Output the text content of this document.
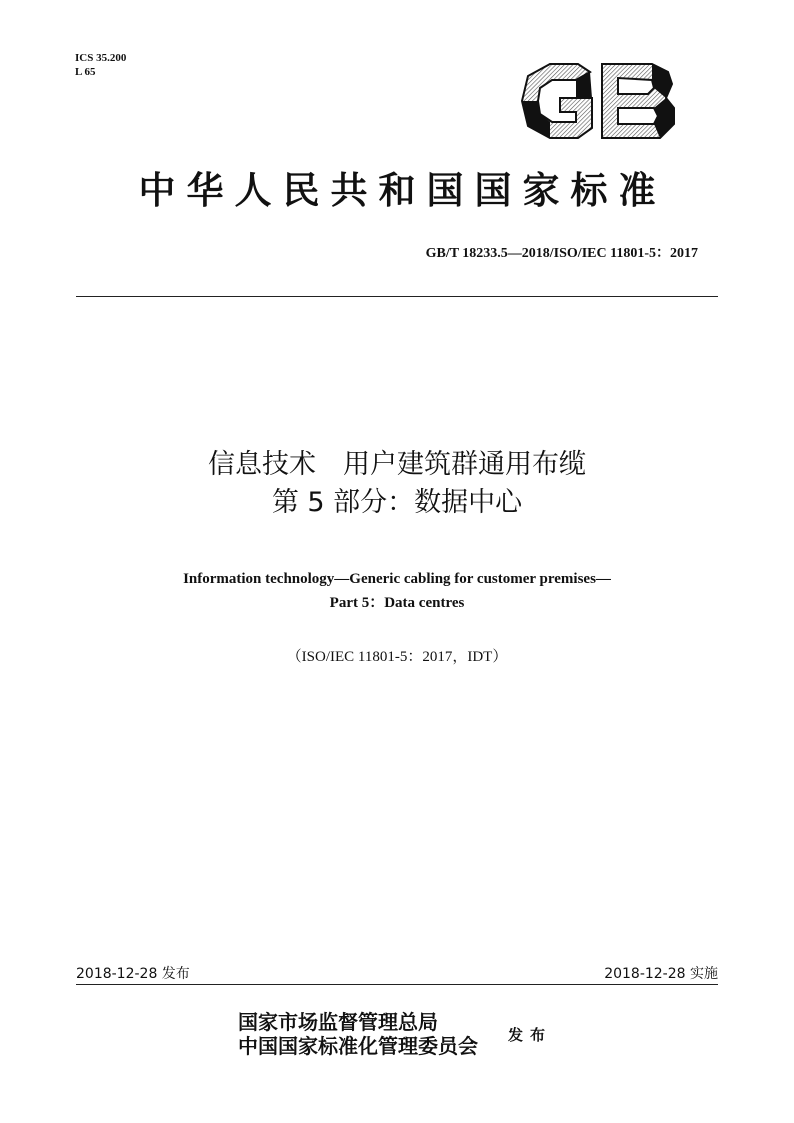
ICS 35.200
L 65
中华人民共和国国家标准
GB/T 18233.5—2018/ISO/IEC 11801-5：2017
信息技术　用户建筑群通用布缆
第 5 部分：数据中心
Information technology—Generic cabling for customer premises—
Part 5：Data centres
（ISO/IEC 11801-5：2017，IDT）
2018-12-28 发布	2018-12-28 实施
国家市场监督管理总局
中国国家标准化管理委员会 发布
